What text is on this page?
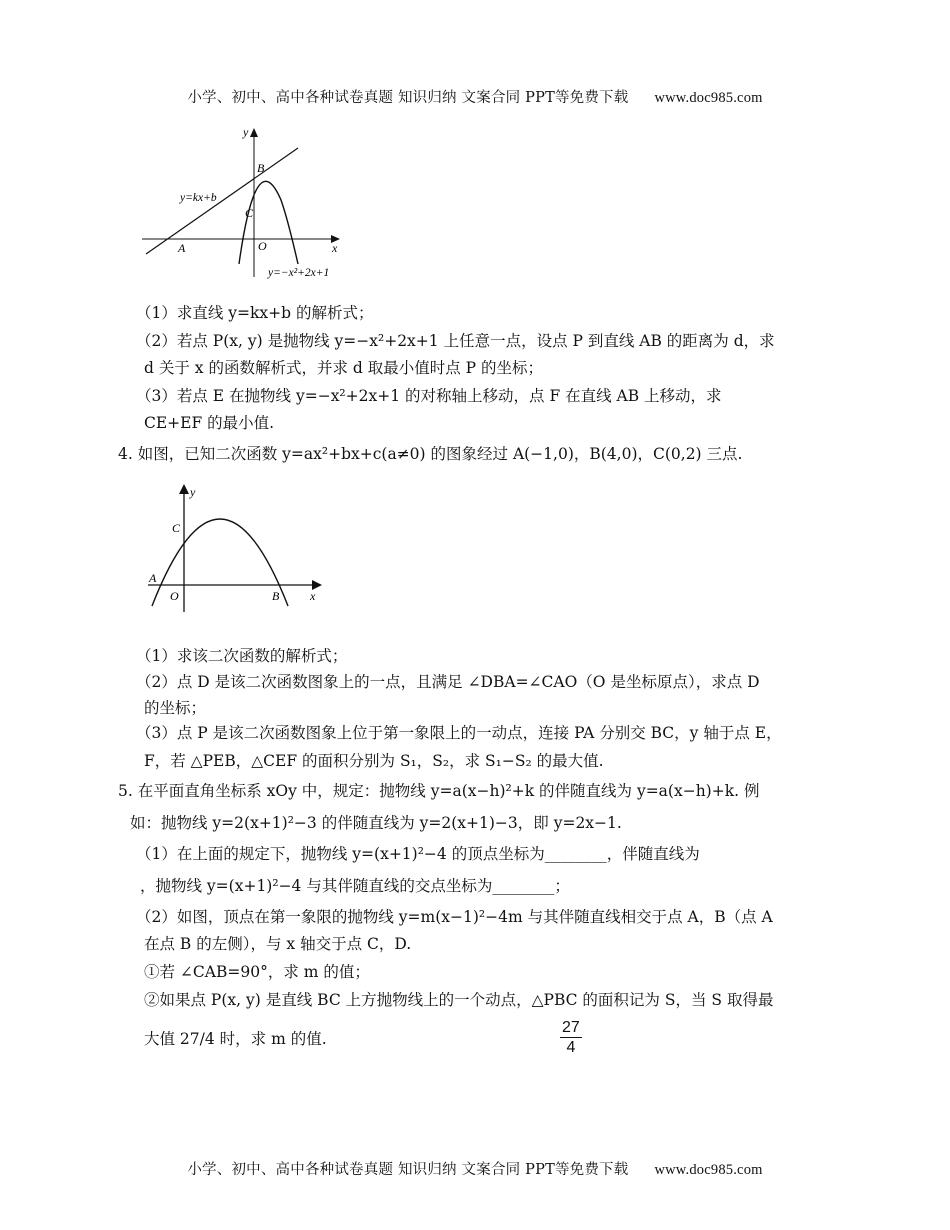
小学、初中、高中各种试卷真题 知识归纳 文案合同 PPT等免费下载 www.doc985.com
y
x
O
A
B
C
y=kx+b
y=−x²+2x+1
（1）求直线 y=kx+b 的解析式；
（2）若点 P(x, y) 是抛物线 y=−x²+2x+1 上任意一点，设点 P 到直线 AB 的距离为 d，求
d 关于 x 的函数解析式，并求 d 取最小值时点 P 的坐标；
（3）若点 E 在抛物线 y=−x²+2x+1 的对称轴上移动，点 F 在直线 AB 上移动，求
CE+EF 的最小值.
4. 如图，已知二次函数 y=ax²+bx+c(a≠0) 的图象经过 A(−1,0)，B(4,0)，C(0,2) 三点.
y
x
O
A
B
C
（1）求该二次函数的解析式；
（2）点 D 是该二次函数图象上的一点，且满足 ∠DBA=∠CAO（O 是坐标原点），求点 D
的坐标；
（3）点 P 是该二次函数图象上位于第一象限上的一动点，连接 PA 分别交 BC，y 轴于点 E，
F，若 △PEB，△CEF 的面积分别为 S₁，S₂，求 S₁−S₂ 的最大值.
5. 在平面直角坐标系 xOy 中，规定：抛物线 y=a(x−h)²+k 的伴随直线为 y=a(x−h)+k. 例
如：抛物线 y=2(x+1)²−3 的伴随直线为 y=2(x+1)−3，即 y=2x−1.
（1）在上面的规定下，抛物线 y=(x+1)²−4 的顶点坐标为________，伴随直线为
，抛物线 y=(x+1)²−4 与其伴随直线的交点坐标为________；
（2）如图，顶点在第一象限的抛物线 y=m(x−1)²−4m 与其伴随直线相交于点 A，B（点 A
在点 B 的左侧），与 x 轴交于点 C，D.
①若 ∠CAB=90°，求 m 的值；
②如果点 P(x, y) 是直线 BC 上方抛物线上的一个动点，△PBC 的面积记为 S，当 S 取得最
大值 27/4 时，求 m 的值.	$\frac{27}{4}$
小学、初中、高中各种试卷真题 知识归纳 文案合同 PPT等免费下载 www.doc985.com
